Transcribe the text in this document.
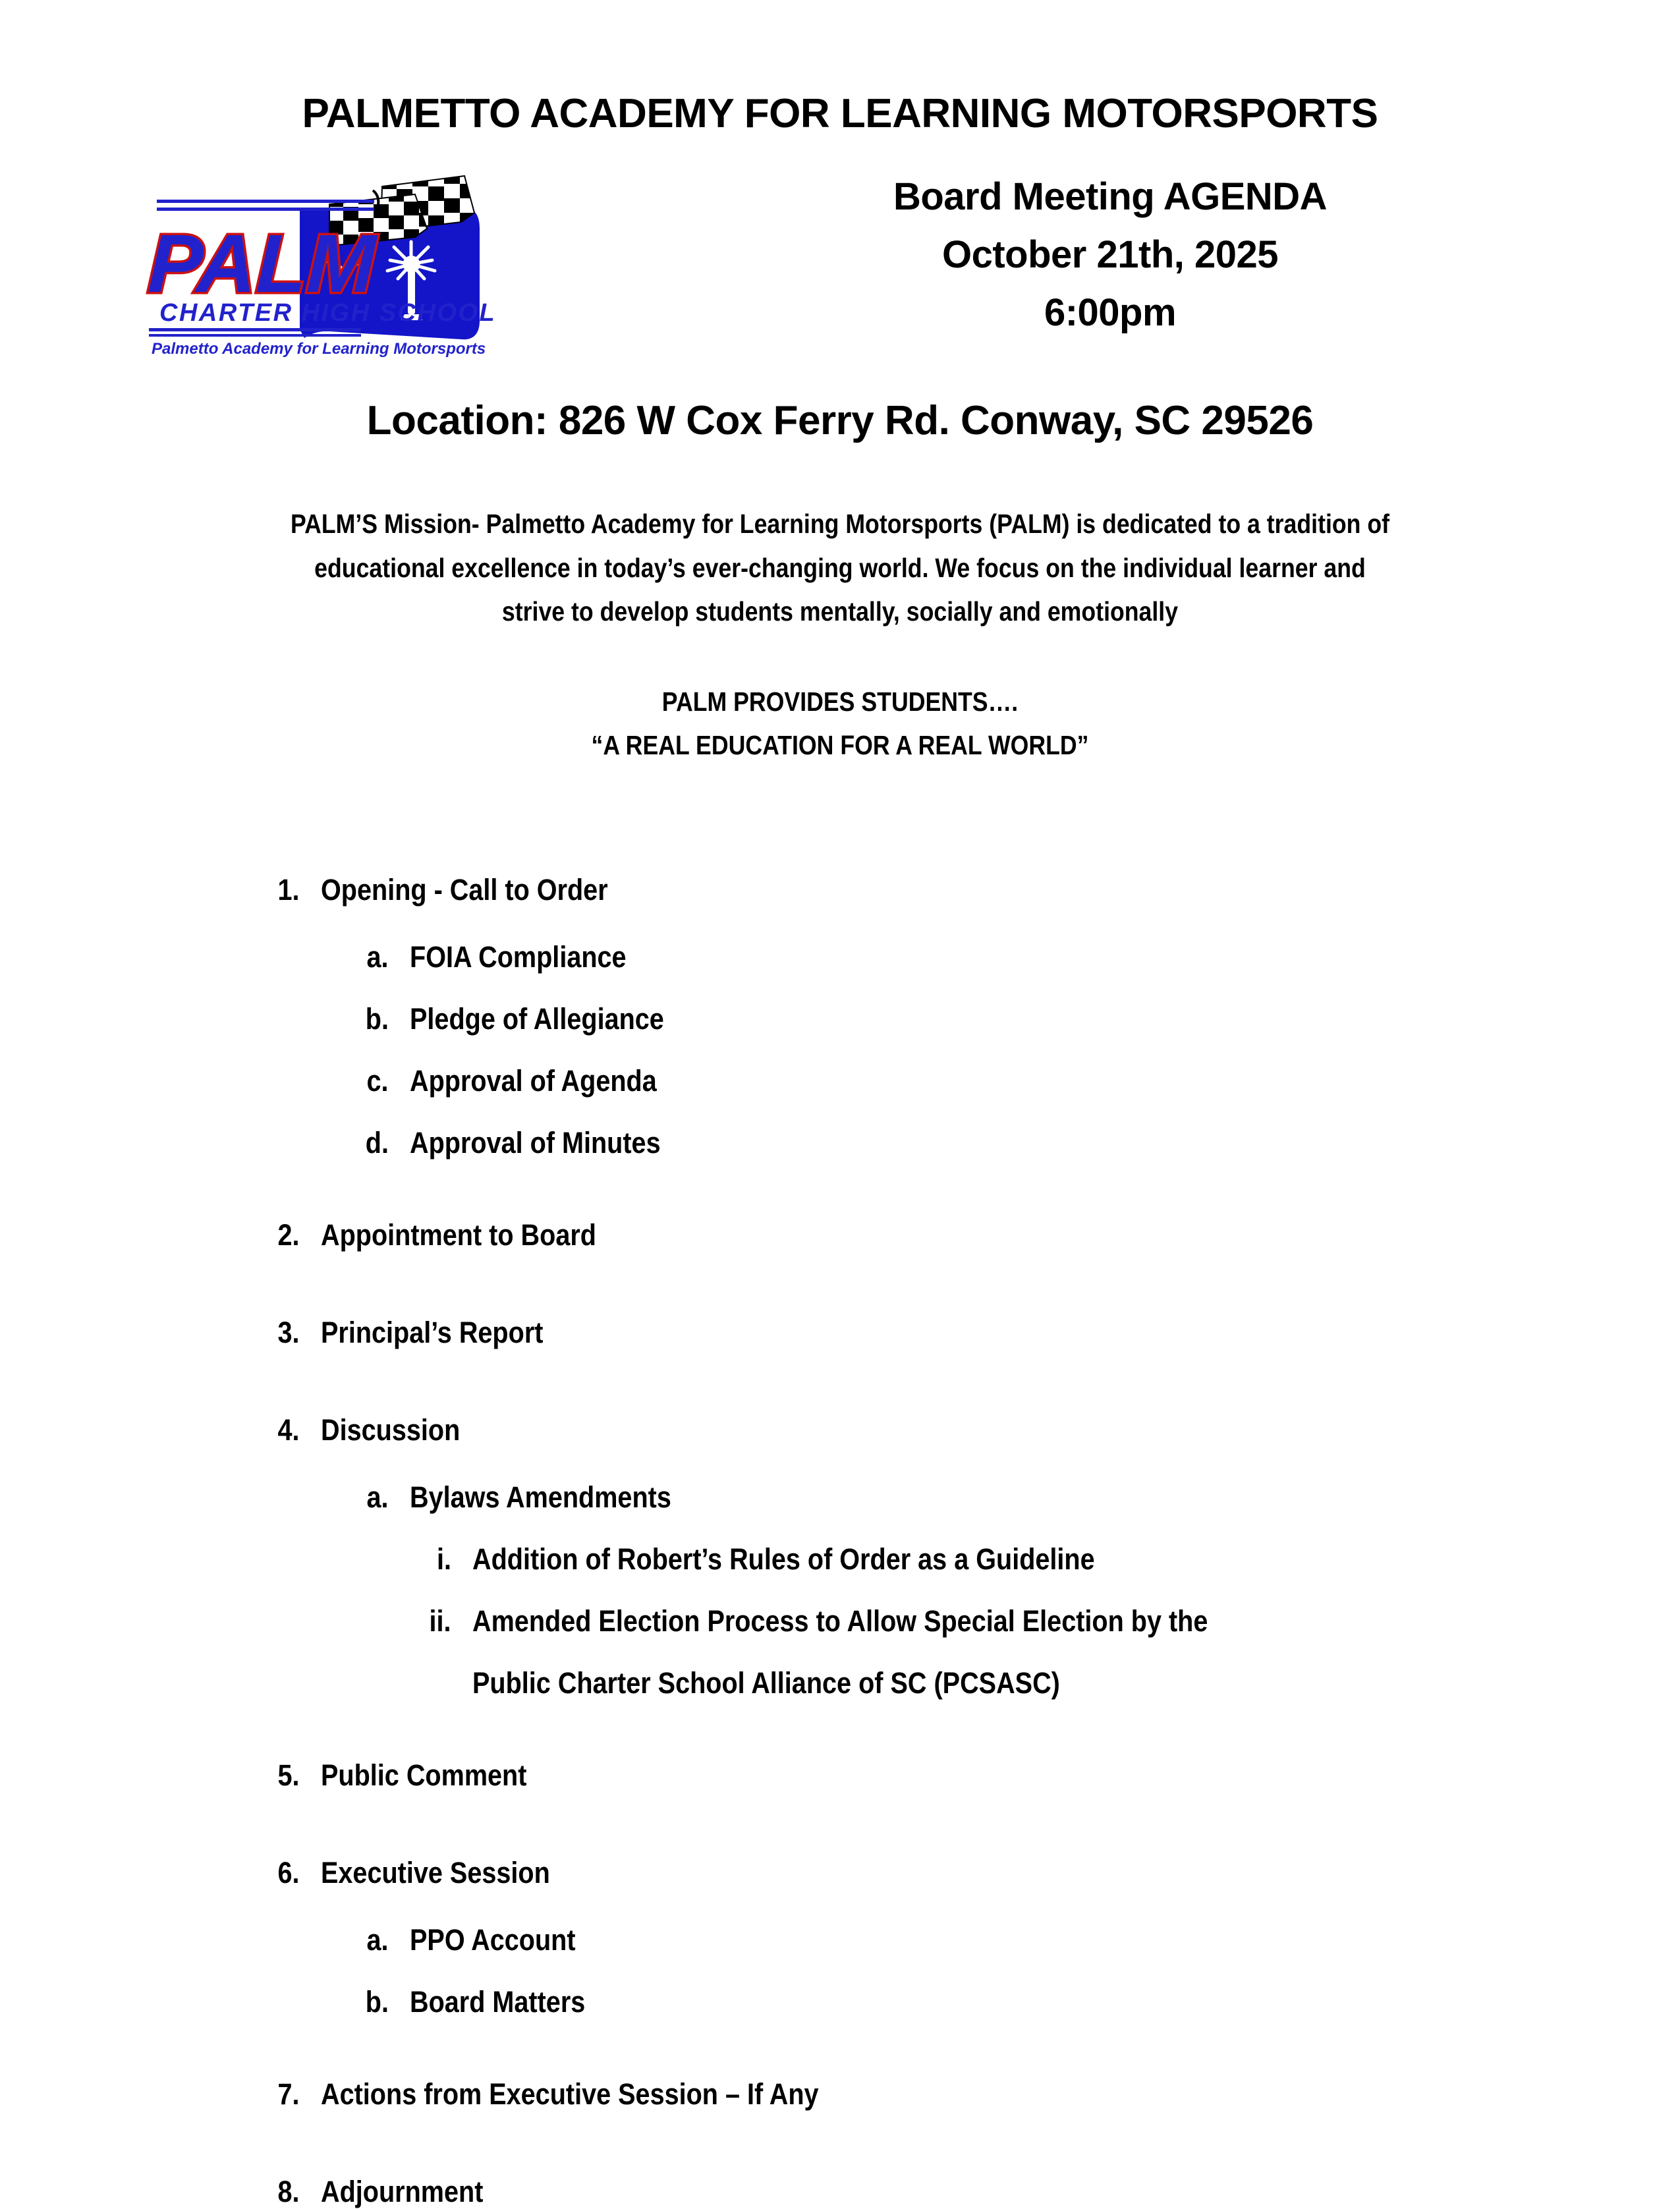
PALMETTO ACADEMY FOR LEARNING MOTORSPORTS
PALM
CHARTER HIGH SCHOOL
Palmetto Academy for Learning Motorsports
Board Meeting AGENDA
October 21th, 2025
6:00pm
Location: 826 W Cox Ferry Rd. Conway, SC 29526
PALM’S Mission- Palmetto Academy for Learning Motorsports (PALM) is dedicated to a tradition of
educational excellence in today’s ever-changing world. We focus on the individual learner and
strive to develop students mentally, socially and emotionally
PALM PROVIDES STUDENTS….
“A REAL EDUCATION FOR A REAL WORLD”
1. Opening - Call to Order
a. FOIA Compliance
b. Pledge of Allegiance
c. Approval of Agenda
d. Approval of Minutes
2. Appointment to Board
3. Principal’s Report
4. Discussion
a. Bylaws Amendments
i. Addition of Robert’s Rules of Order as a Guideline
ii. Amended Election Process to Allow Special Election by the
Public Charter School Alliance of SC (PCSASC)
5. Public Comment
6. Executive Session
a. PPO Account
b. Board Matters
7. Actions from Executive Session – If Any
8. Adjournment
